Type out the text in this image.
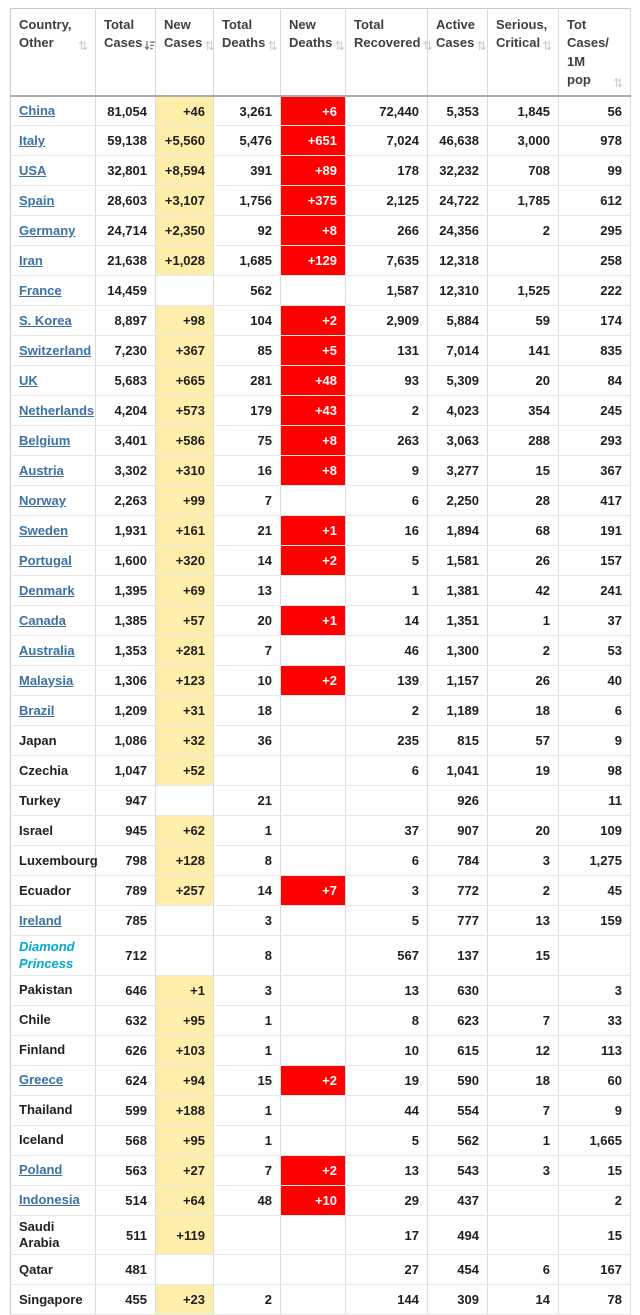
Country,
Other ⇅

Total
Cases

New
Cases ⇅

Total
Deaths ⇅

New
Deaths ⇅

Total
Recovered ⇅

Active
Cases ⇅

Serious,
Critical ⇅

Tot Cases/
1M pop	⇅

China	81,054	+46	3,261	+6	72,440	5,353	1,845	56
Italy	59,138	+5,560	5,476	+651	7,024	46,638	3,000	978
USA	32,801	+8,594	391	+89	178	32,232	708	99
Spain	28,603	+3,107	1,756	+375	2,125	24,722	1,785	612
Germany	24,714	+2,350	92	+8	266	24,356	2	295
Iran	21,638	+1,028	1,685	+129	7,635	12,318		258
France	14,459		562		1,587	12,310	1,525	222
S. Korea	8,897	+98	104	+2	2,909	5,884	59	174
Switzerland	7,230	+367	85	+5	131	7,014	141	835
UK	5,683	+665	281	+48	93	5,309	20	84
Netherlands	4,204	+573	179	+43	2	4,023	354	245
Belgium	3,401	+586	75	+8	263	3,063	288	293
Austria	3,302	+310	16	+8	9	3,277	15	367
Norway	2,263	+99	7		6	2,250	28	417
Sweden	1,931	+161	21	+1	16	1,894	68	191
Portugal	1,600	+320	14	+2	5	1,581	26	157
Denmark	1,395	+69	13		1	1,381	42	241
Canada	1,385	+57	20	+1	14	1,351	1	37
Australia	1,353	+281	7		46	1,300	2	53
Malaysia	1,306	+123	10	+2	139	1,157	26	40
Brazil	1,209	+31	18		2	1,189	18	6
Japan	1,086	+32	36		235	815	57	9
Czechia	1,047	+52			6	1,041	19	98
Turkey	947		21			926		11
Israel	945	+62	1		37	907	20	109
Luxembourg	798	+128	8		6	784	3	1,275
Ecuador	789	+257	14	+7	3	772	2	45
Ireland	785		3		5	777	13	159
Diamond Princess	712		8		567	137	15	
Pakistan	646	+1	3		13	630		3
Chile	632	+95	1		8	623	7	33
Finland	626	+103	1		10	615	12	113
Greece	624	+94	15	+2	19	590	18	60
Thailand	599	+188	1		44	554	7	9
Iceland	568	+95	1		5	562	1	1,665
Poland	563	+27	7	+2	13	543	3	15
Indonesia	514	+64	48	+10	29	437		2
Saudi Arabia	511	+119			17	494		15
Qatar	481				27	454	6	167
Singapore	455	+23	2		144	309	14	78
